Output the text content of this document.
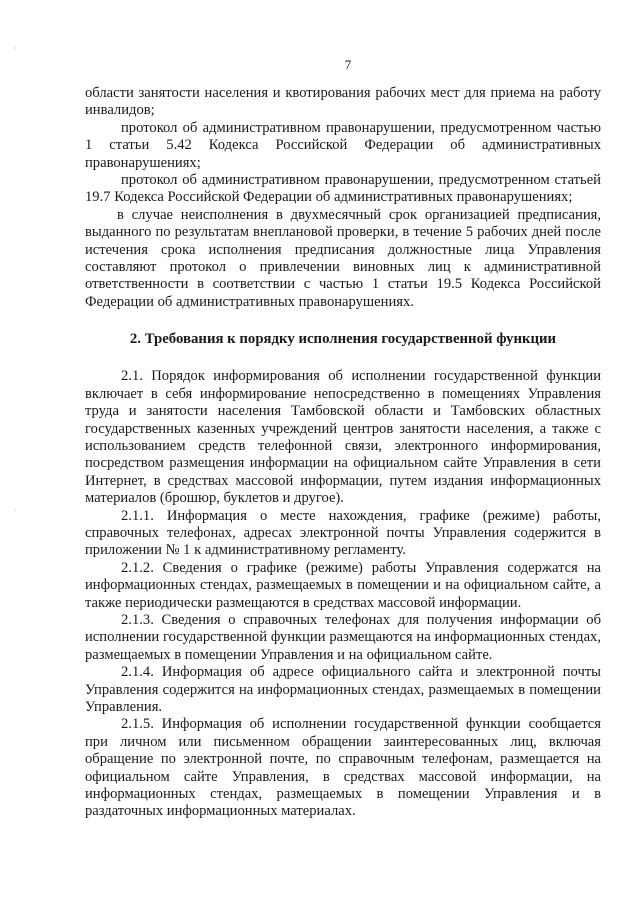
·
·
7

области занятости населения и квотирования рабочих мест для приема на работу инвалидов;

протокол об административном правонарушении, предусмотренном частью 1 статьи 5.42 Кодекса Российской Федерации об административных правонарушениях;

протокол об административном правонарушении, предусмотренном статьей 19.7 Кодекса Российской Федерации об административных правонарушениях;

в случае неисполнения в двухмесячный срок организацией предписания, выданного по результатам внеплановой проверки, в течение 5 рабочих дней после истечения срока исполнения предписания должностные лица Управления составляют протокол о привлечении виновных лиц к административной ответственности в соответствии с частью 1 статьи 19.5 Кодекса Российской Федерации об административных правонарушениях.

2. Требования к порядку исполнения государственной функции

2.1. Порядок информирования об исполнении государственной функции включает в себя информирование непосредственно в помещениях Управления труда и занятости населения Тамбовской области и Тамбовских областных государственных казенных учреждений центров занятости населения, а также с использованием средств телефонной связи, электронного информирования, посредством размещения информации на официальном сайте Управления в сети Интернет, в средствах массовой информации, путем издания информационных материалов (брошюр, буклетов и другое).

2.1.1. Информация о месте нахождения, графике (режиме) работы, справочных телефонах, адресах электронной почты Управления содержится в приложении № 1 к административному регламенту.

2.1.2. Сведения о графике (режиме) работы Управления содержатся на информационных стендах, размещаемых в помещении и на официальном сайте, а также периодически размещаются в средствах массовой информации.

2.1.3. Сведения о справочных телефонах для получения информации об исполнении государственной функции размещаются на информационных стендах, размещаемых в помещении Управления и на официальном сайте.

2.1.4. Информация об адресе официального сайта и электронной почты Управления содержится на информационных стендах, размещаемых в помещении Управления.

2.1.5. Информация об исполнении государственной функции сообщается при личном или письменном обращении заинтересованных лиц, включая обращение по электронной почте, по справочным телефонам, размещается на официальном сайте Управления, в средствах массовой информации, на информационных стендах, размещаемых в помещении Управления и в раздаточных информационных материалах.
